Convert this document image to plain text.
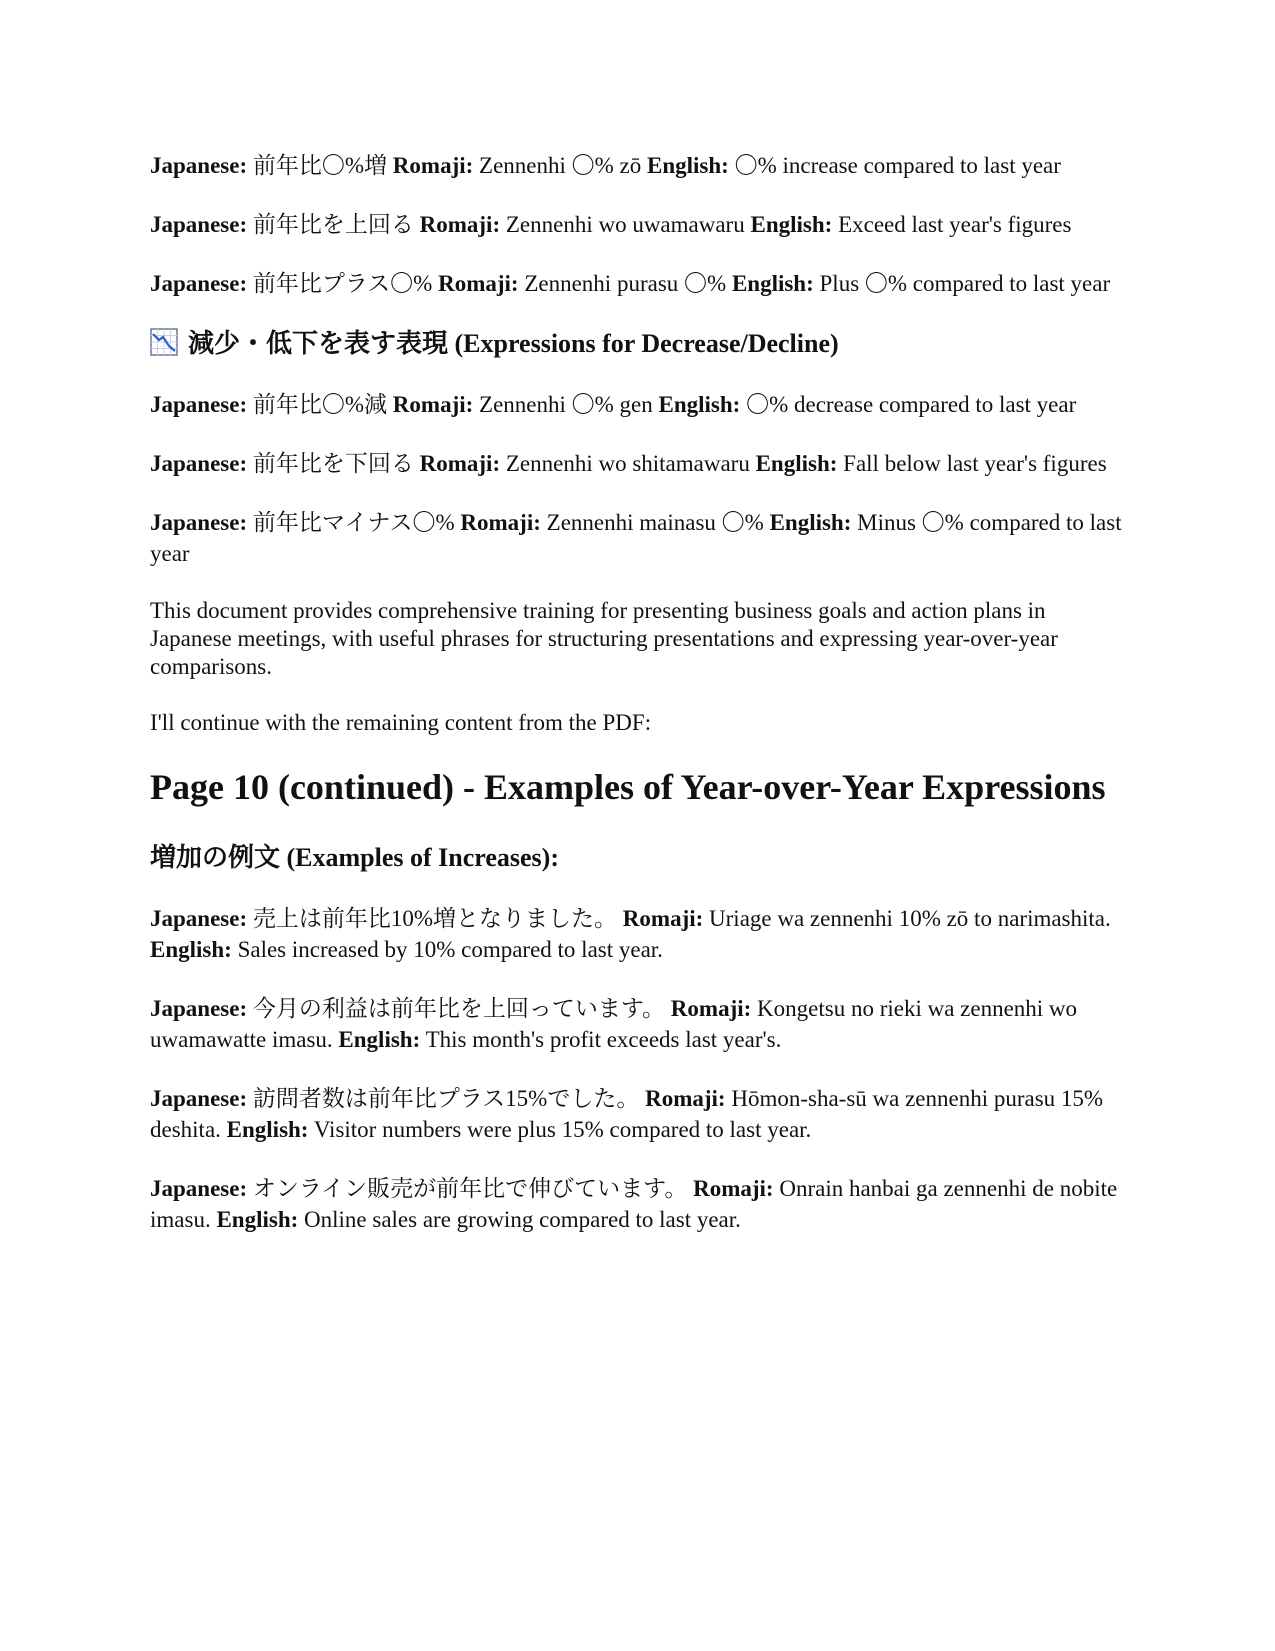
Japanese: 前年比〇%増 Romaji: Zennenhi 〇% zō English: 〇% increase compared to last year

Japanese: 前年比を上回る Romaji: Zennenhi wo uwamawaru English: Exceed last year's figures

Japanese: 前年比プラス〇% Romaji: Zennenhi purasu 〇% English: Plus 〇% compared to last year

減少・低下を表す表現 (Expressions for Decrease/Decline)

Japanese: 前年比〇%減 Romaji: Zennenhi 〇% gen English: 〇% decrease compared to last year

Japanese: 前年比を下回る Romaji: Zennenhi wo shitamawaru English: Fall below last year's figures

Japanese: 前年比マイナス〇% Romaji: Zennenhi mainasu 〇% English: Minus 〇% compared to last year

This document provides comprehensive training for presenting business goals and action plans in Japanese meetings, with useful phrases for structuring presentations and expressing year-over-year comparisons.

I'll continue with the remaining content from the PDF:

Page 10 (continued) - Examples of Year-over-Year Expressions
増加の例文 (Examples of Increases):

Japanese: 売上は前年比10%増となりました。 Romaji: Uriage wa zennenhi 10% zō to narimashita. English: Sales increased by 10% compared to last year.

Japanese: 今月の利益は前年比を上回っています。 Romaji: Kongetsu no rieki wa zennenhi wo uwamawatte imasu. English: This month's profit exceeds last year's.

Japanese: 訪問者数は前年比プラス15%でした。 Romaji: Hōmon-sha-sū wa zennenhi purasu 15% deshita. English: Visitor numbers were plus 15% compared to last year.

Japanese: オンライン販売が前年比で伸びています。 Romaji: Onrain hanbai ga zennenhi de nobite imasu. English: Online sales are growing compared to last year.
